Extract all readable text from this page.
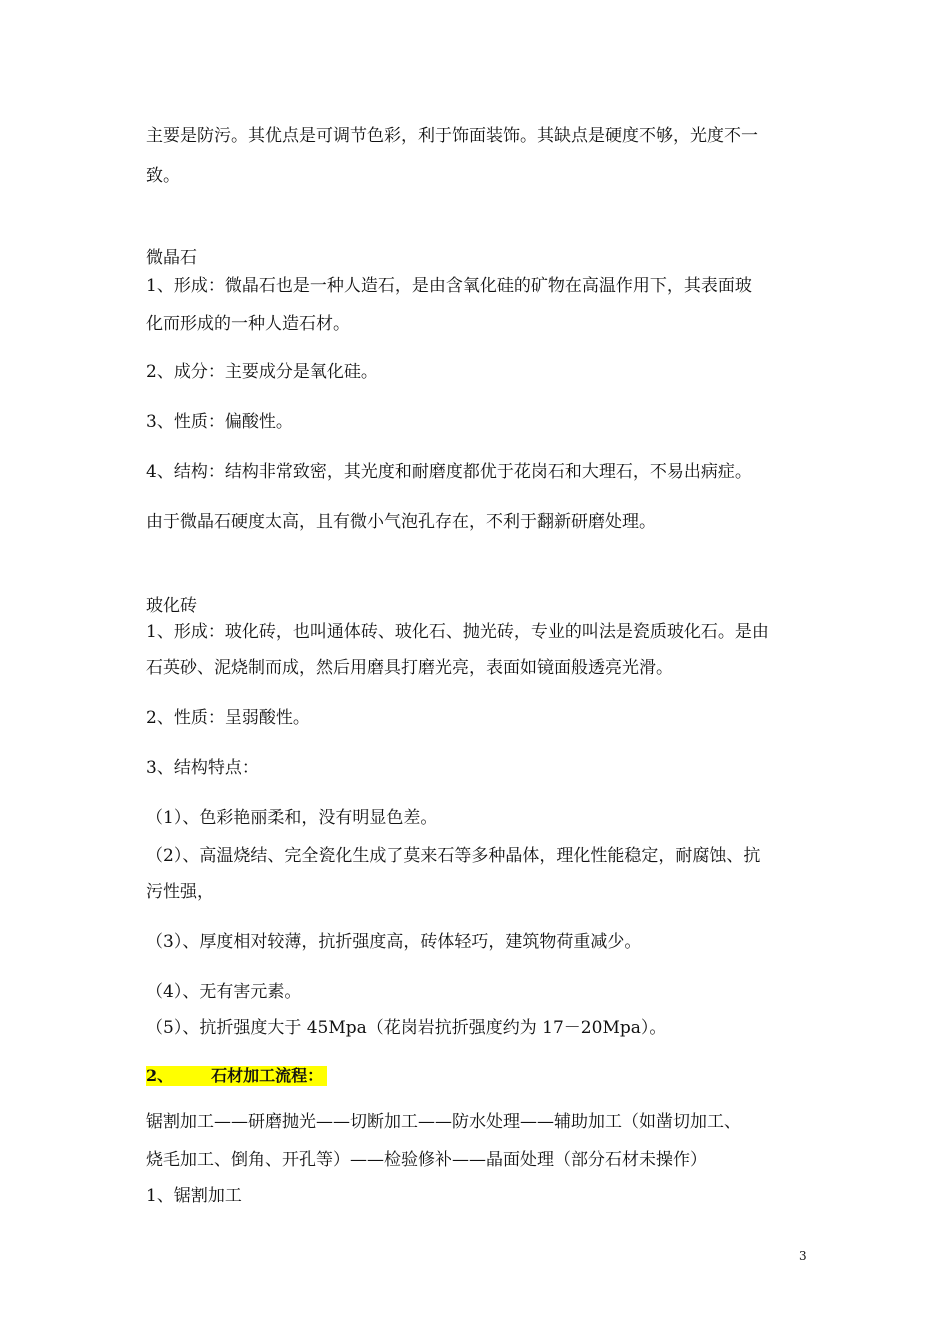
主要是防污。其优点是可调节色彩，利于饰面装饰。其缺点是硬度不够，光度不一
致。
微晶石
1、形成：微晶石也是一种人造石，是由含氧化硅的矿物在高温作用下，其表面玻
化而形成的一种人造石材。
2、成分：主要成分是氧化硅。
3、性质：偏酸性。
4、结构：结构非常致密，其光度和耐磨度都优于花岗石和大理石，不易出病症。
由于微晶石硬度太高，且有微小气泡孔存在，不利于翻新研磨处理。
玻化砖
1、形成：玻化砖，也叫通体砖、玻化石、抛光砖，专业的叫法是瓷质玻化石。是由
石英砂、泥烧制而成，然后用磨具打磨光亮，表面如镜面般透亮光滑。
2、性质：呈弱酸性。
3、结构特点：
（1）、色彩艳丽柔和，没有明显色差。
（2）、高温烧结、完全瓷化生成了莫来石等多种晶体，理化性能稳定，耐腐蚀、抗
污性强，
（3）、厚度相对较薄，抗折强度高，砖体轻巧，建筑物荷重减少。
（4）、无有害元素。
（5）、抗折强度大于 45Mpa（花岗岩抗折强度约为 17－20Mpa）。
2、 石材加工流程：
锯割加工——研磨抛光——切断加工——防水处理——辅助加工（如凿切加工、
烧毛加工、倒角、开孔等）——检验修补——晶面处理（部分石材未操作）
1、锯割加工
3
